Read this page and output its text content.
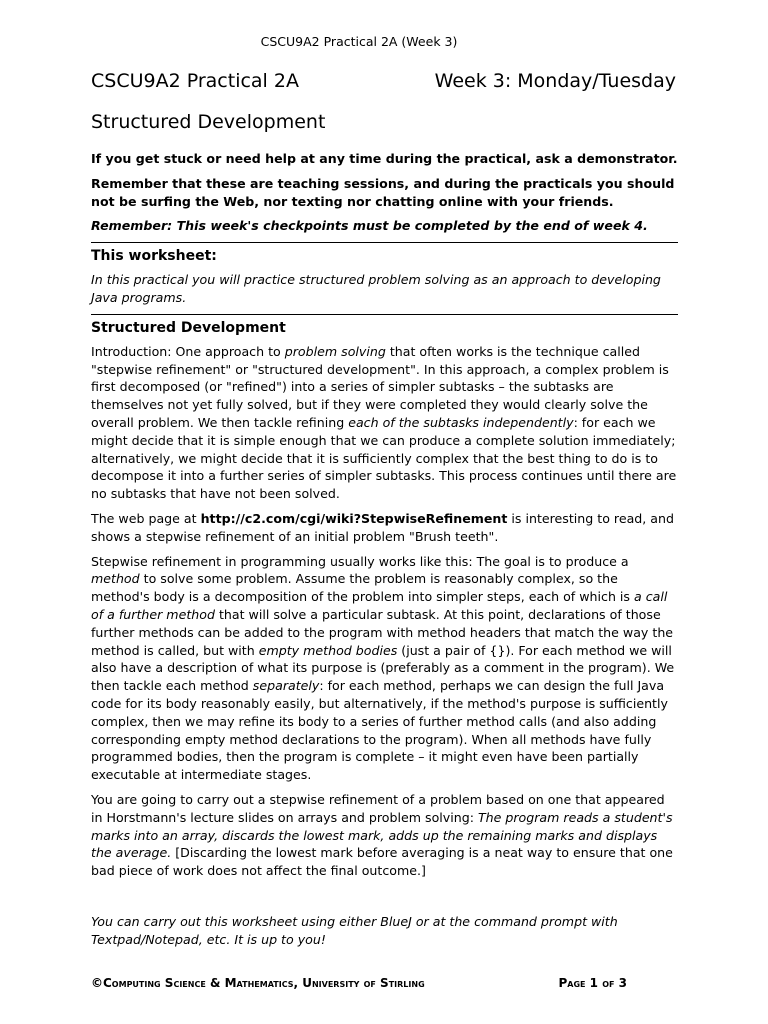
CSCU9A2 Practical 2A (Week 3)
CSCU9A2 Practical 2A	Week 3: Monday/Tuesday
Structured Development

If you get stuck or need help at any time during the practical, ask a demonstrator.

Remember that these are teaching sessions, and during the practicals you should not be surfing the Web, nor texting nor chatting online with your friends.

Remember: This week's checkpoints must be completed by the end of week 4.

This worksheet:

In this practical you will practice structured problem solving as an approach to developing Java programs.

Structured Development

Introduction: One approach to problem solving that often works is the technique called "stepwise refinement" or "structured development". In this approach, a complex problem is first decomposed (or "refined") into a series of simpler subtasks – the subtasks are themselves not yet fully solved, but if they were completed they would clearly solve the overall problem. We then tackle refining each of the subtasks independently: for each we might decide that it is simple enough that we can produce a complete solution immediately; alternatively, we might decide that it is sufficiently complex that the best thing to do is to decompose it into a further series of simpler subtasks. This process continues until there are no subtasks that have not been solved.

The web page at http://c2.com/cgi/wiki?StepwiseRefinement is interesting to read, and shows a stepwise refinement of an initial problem "Brush teeth".

Stepwise refinement in programming usually works like this: The goal is to produce a method to solve some problem. Assume the problem is reasonably complex, so the method's body is a decomposition of the problem into simpler steps, each of which is a call of a further method that will solve a particular subtask. At this point, declarations of those further methods can be added to the program with method headers that match the way the method is called, but with empty method bodies (just a pair of {}). For each method we will also have a description of what its purpose is (preferably as a comment in the program). We then tackle each method separately: for each method, perhaps we can design the full Java code for its body reasonably easily, but alternatively, if the method's purpose is sufficiently complex, then we may refine its body to a series of further method calls (and also adding corresponding empty method declarations to the program). When all methods have fully programmed bodies, then the program is complete – it might even have been partially executable at intermediate stages.

You are going to carry out a stepwise refinement of a problem based on one that appeared in Horstmann's lecture slides on arrays and problem solving: The program reads a student's marks into an array, discards the lowest mark, adds up the remaining marks and displays the average. [Discarding the lowest mark before averaging is a neat way to ensure that one bad piece of work does not affect the final outcome.]

You can carry out this worksheet using either BlueJ or at the command prompt with Textpad/Notepad, etc. It is up to you!

©Computing Science & Mathematics, University of Stirling	Page 1 of 3
